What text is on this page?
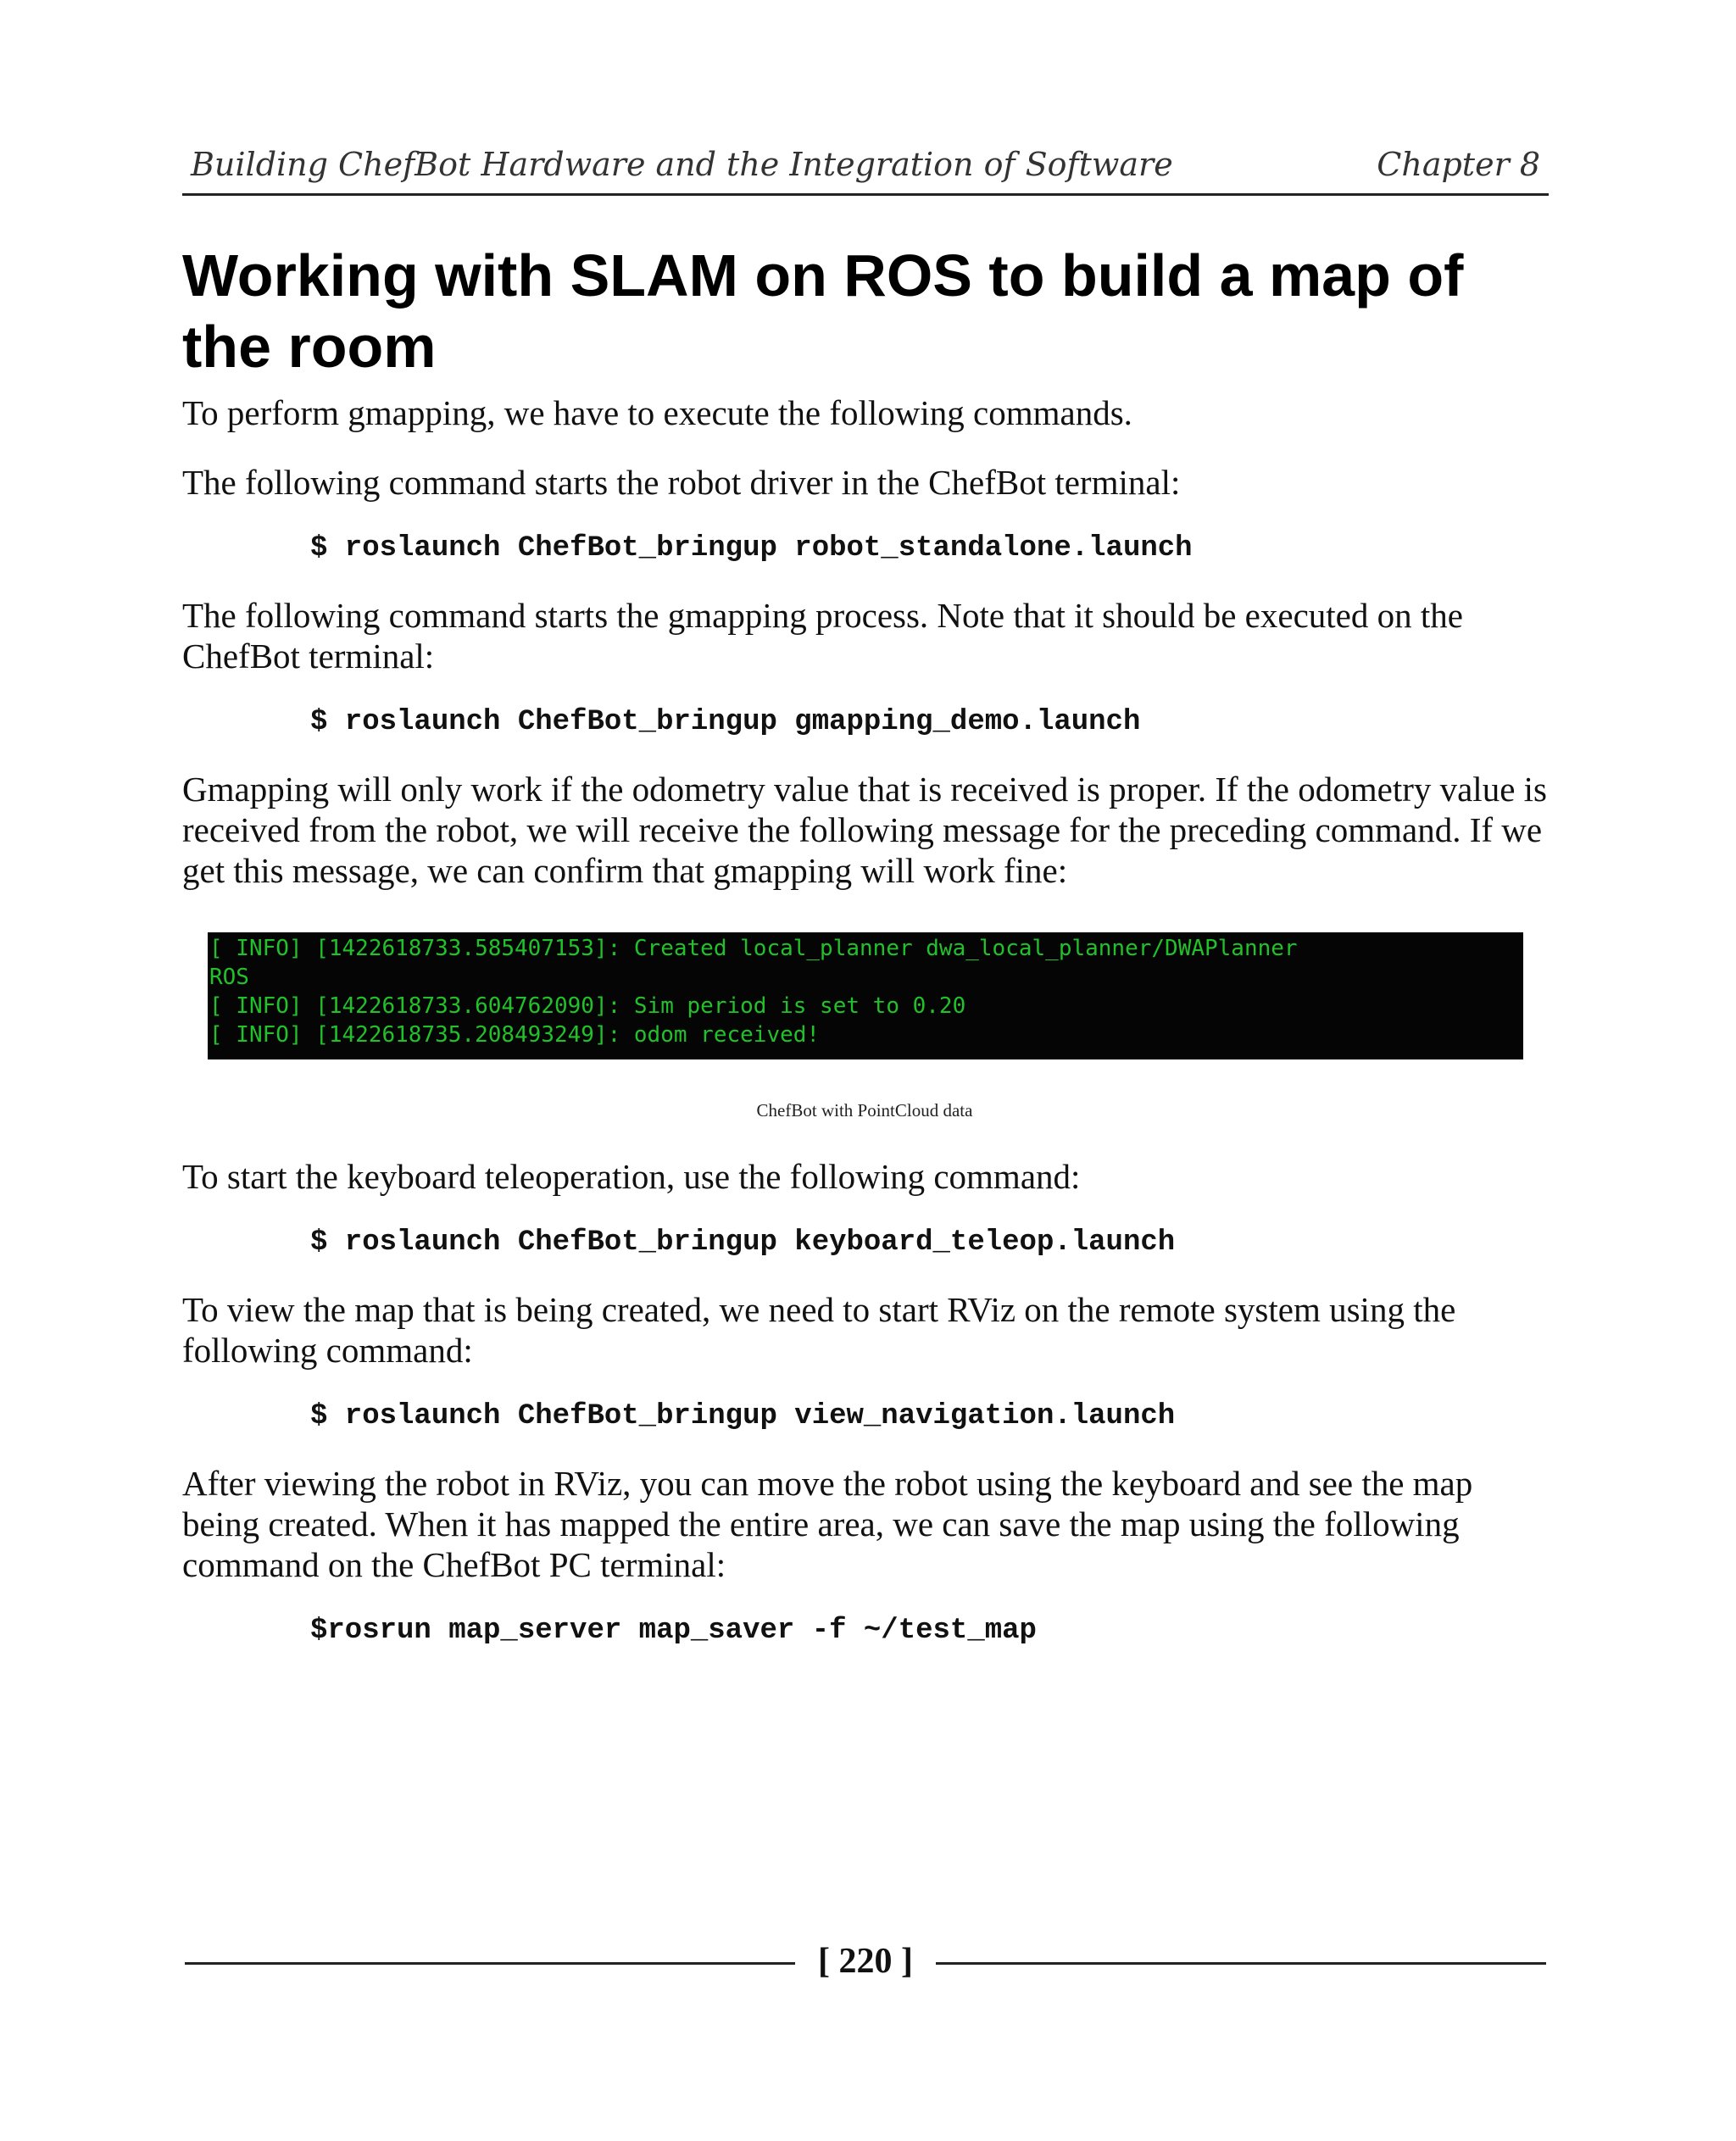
Building ChefBot Hardware and the Integration of Software	Chapter 8
Working with SLAM on ROS to build a map of the room

To perform gmapping, we have to execute the following commands.

The following command starts the robot driver in the ChefBot terminal:

$ roslaunch ChefBot_bringup robot_standalone.launch

The following command starts the gmapping process. Note that it should be executed on the ChefBot terminal:

$ roslaunch ChefBot_bringup gmapping_demo.launch

Gmapping will only work if the odometry value that is received is proper. If the odometry value is received from the robot, we will receive the following message for the preceding command. If we get this message, we can confirm that gmapping will work fine:

[ INFO] [1422618733.585407153]: Created local_planner dwa_local_planner/DWAPlanner
ROS
[ INFO] [1422618733.604762090]: Sim period is set to 0.20
[ INFO] [1422618735.208493249]: odom received!
ChefBot with PointCloud data

To start the keyboard teleoperation, use the following command:

$ roslaunch ChefBot_bringup keyboard_teleop.launch

To view the map that is being created, we need to start RViz on the remote system using the following command:

$ roslaunch ChefBot_bringup view_navigation.launch

After viewing the robot in RViz, you can move the robot using the keyboard and see the map being created. When it has mapped the entire area, we can save the map using the following command on the ChefBot PC terminal:

$rosrun map_server map_saver -f ~/test_map
[ 220 ]
